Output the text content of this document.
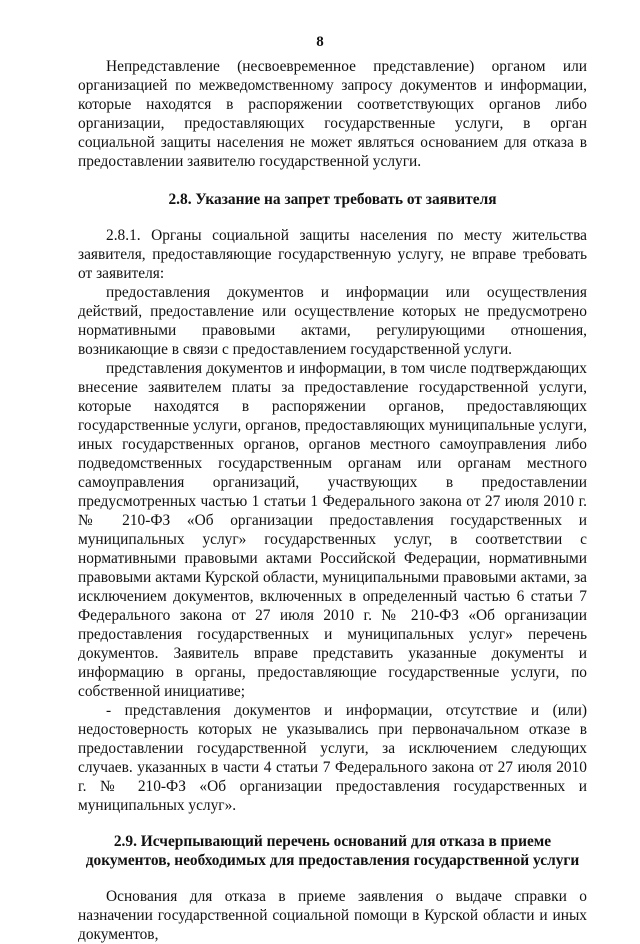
8

Непредставление (несвоевременное представление) органом или организацией по межведомственному запросу документов и информации, которые находятся в распоряжении соответствующих органов либо организации, предоставляющих государственные услуги, в орган социальной защиты населения не может являться основанием для отказа в предоставлении заявителю государственной услуги.

2.8. Указание на запрет требовать от заявителя

2.8.1. Органы социальной защиты населения по месту жительства заявителя, предоставляющие государственную услугу, не вправе требовать от заявителя:

предоставления документов и информации или осуществления действий, предоставление или осуществление которых не предусмотрено нормативными правовыми актами, регулирующими отношения, возникающие в связи с предоставлением государственной услуги.

представления документов и информации, в том числе подтверждающих внесение заявителем платы за предоставление государственной услуги, которые находятся в распоряжении органов, предоставляющих государственные услуги, органов, предоставляющих муниципальные услуги, иных государственных органов, органов местного самоуправления либо подведомственных государственным органам или органам местного самоуправления организаций, участвующих в предоставлении предусмотренных частью 1 статьи 1 Федерального закона от 27 июля 2010 г. № 210-ФЗ «Об организации предоставления государственных и муниципальных услуг» государственных услуг, в соответствии с нормативными правовыми актами Российской Федерации, нормативными правовыми актами Курской области, муниципальными правовыми актами, за исключением документов, включенных в определенный частью 6 статьи 7 Федерального закона от 27 июля 2010 г. № 210-ФЗ «Об организации предоставления государственных и муниципальных услуг» перечень документов. Заявитель вправе представить указанные документы и информацию в органы, предоставляющие государственные услуги, по собственной инициативе;

- представления документов и информации, отсутствие и (или) недостоверность которых не указывались при первоначальном отказе в предоставлении государственной услуги, за исключением следующих случаев. указанных в части 4 статьи 7 Федерального закона от 27 июля 2010 г. № 210-ФЗ «Об организации предоставления государственных и муниципальных услуг».

2.9. Исчерпывающий перечень оснований для отказа в приеме
документов, необходимых для предоставления государственной услуги

Основания для отказа в приеме заявления о выдаче справки о назначении государственной социальной помощи в Курской области и иных документов,
